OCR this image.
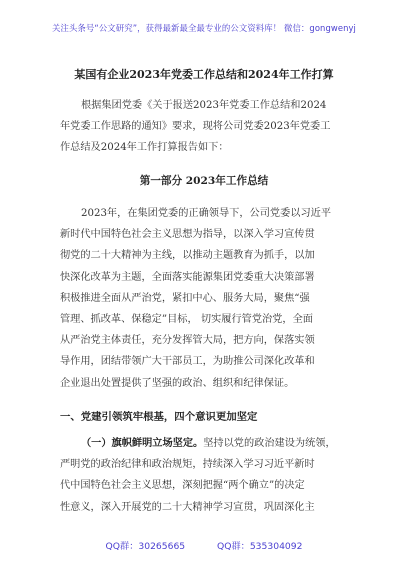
关注头条号“公文研究”，获得最新最全最专业的公文资料库！ 微信：gongwenyj
某国有企业2023年党委工作总结和2024年工作打算
根据集团党委《关于报送2023年党委工作总结和2024
年党委工作思路的通知》要求，现将公司党委2023年党委工
作总结及2024年工作打算报告如下：
第一部分 2023年工作总结
2023年，在集团党委的正确领导下，公司党委以习近平
新时代中国特色社会主义思想为指导，以深入学习宣传贯
彻党的二十大精神为主线，以推动主题教育为抓手，以加
快深化改革为主题，全面落实能源集团党委重大决策部署
积极推进全面从严治党，紧扣中心、服务大局，聚焦“强
管理、抓改革、保稳定”目标， 切实履行管党治党，全面
从严治党主体责任，充分发挥管大局，把方向，保落实领
导作用，团结带领广大干部员工，为助推公司深化改革和
企业退出处置提供了坚强的政治、组织和纪律保证。
一、党建引领筑牢根基，四个意识更加坚定
（一）旗帜鲜明立场坚定。坚持以党的政治建设为统领，
严明党的政治纪律和政治规矩，持续深入学习习近平新时
代中国特色社会主义思想，深刻把握“两个确立”的决定
性意义，深入开展党的二十大精神学习宣贯，巩固深化主
QQ群：30265665	QQ群：535304092
